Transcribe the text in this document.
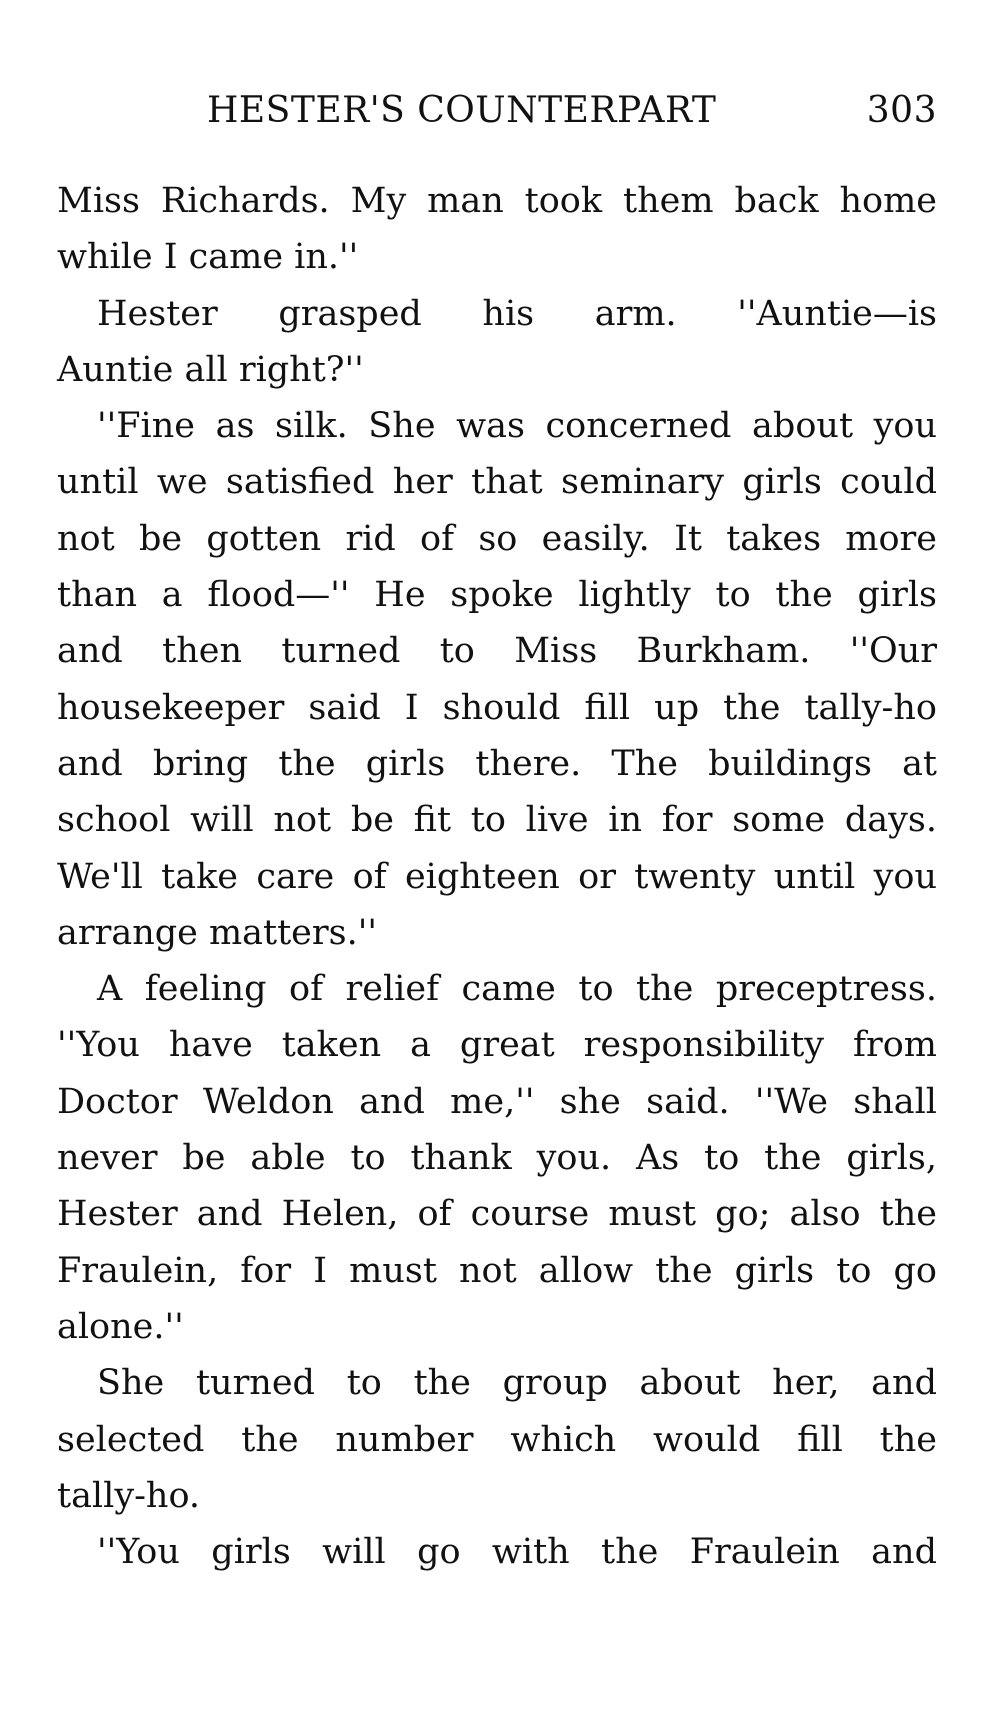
HESTER'S COUNTERPART	303
Miss Richards. My man took them back home
while I came in.''
Hester grasped his arm. ''Auntie—is
Auntie all right?''
''Fine as silk. She was concerned about you
until we satisfied her that seminary girls could
not be gotten rid of so easily. It takes more
than a flood—'' He spoke lightly to the girls
and then turned to Miss Burkham. ''Our
housekeeper said I should fill up the tally-ho
and bring the girls there. The buildings at
school will not be fit to live in for some days.
We'll take care of eighteen or twenty until you
arrange matters.''
A feeling of relief came to the preceptress.
''You have taken a great responsibility from
Doctor Weldon and me,'' she said. ''We shall
never be able to thank you. As to the girls,
Hester and Helen, of course must go; also the
Fraulein, for I must not allow the girls to go
alone.''
She turned to the group about her, and
selected the number which would fill the
tally-ho.
''You girls will go with the Fraulein and
